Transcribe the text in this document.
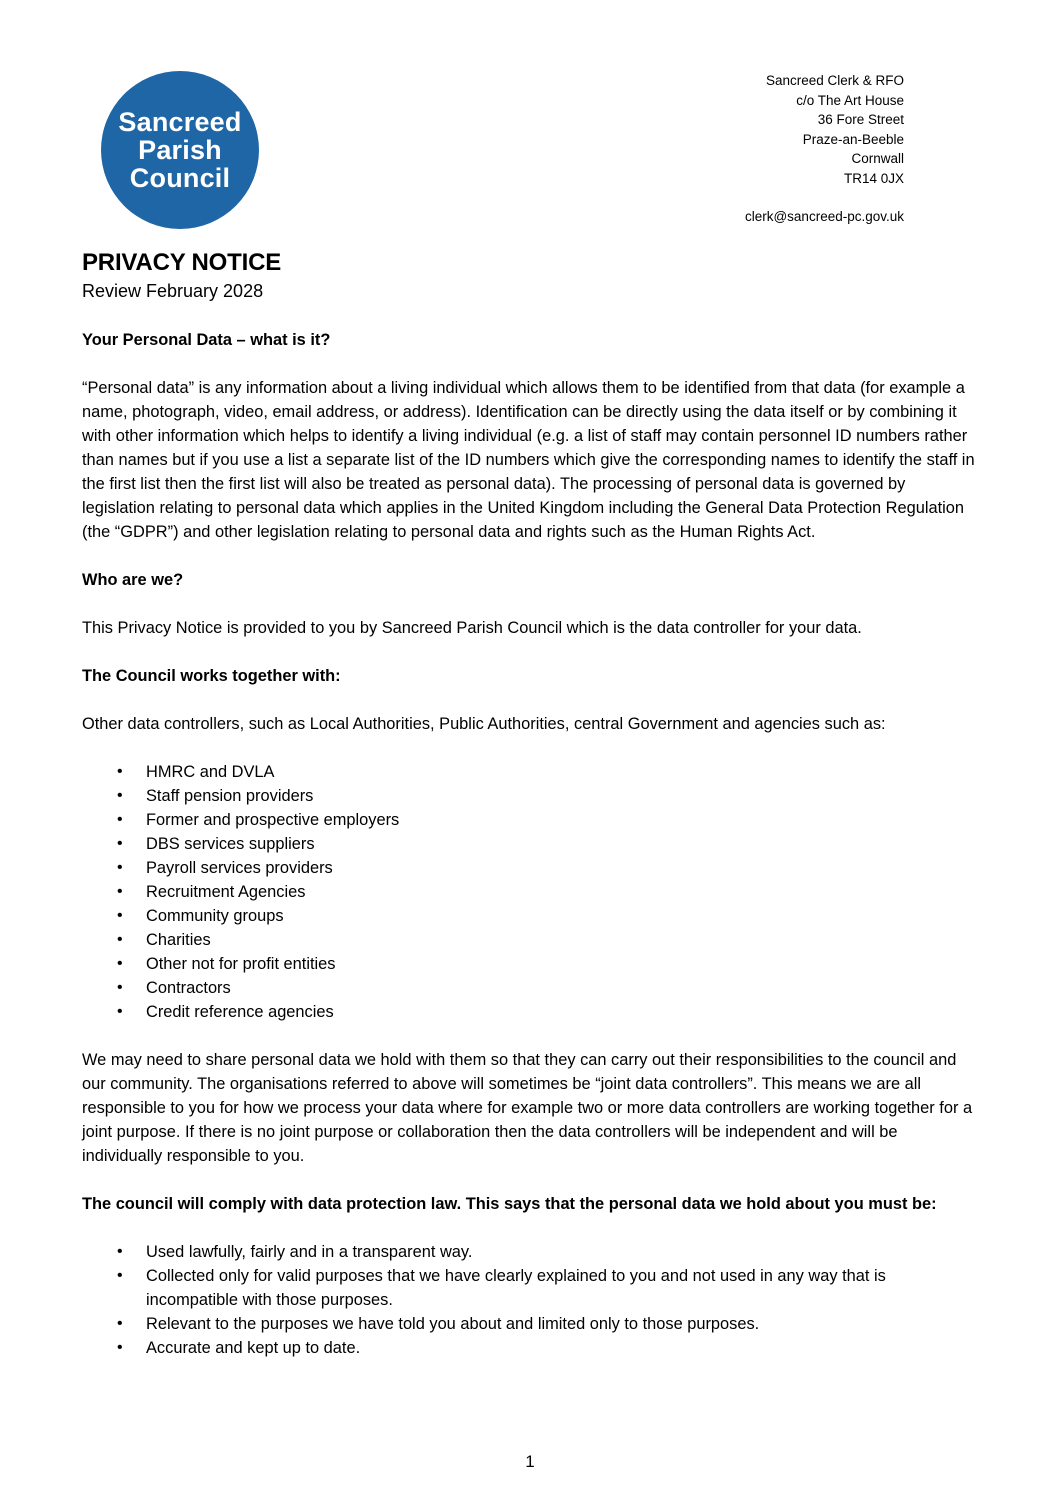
Sancreed
Parish
Council
Sancreed Clerk & RFO
c/o The Art House
36 Fore Street
Praze-an-Beeble
Cornwall
TR14 0JX
clerk@sancreed-pc.gov.uk
PRIVACY NOTICE
Review February 2028
Your Personal Data – what is it?

“Personal data” is any information about a living individual which allows them to be identified from that data (for example a name, photograph, video, email address, or address). Identification can be directly using the data itself or by combining it with other information which helps to identify a living individual (e.g. a list of staff may contain personnel ID numbers rather than names but if you use a list a separate list of the ID numbers which give the corresponding names to identify the staff in the first list then the first list will also be treated as personal data). The processing of personal data is governed by legislation relating to personal data which applies in the United Kingdom including the General Data Protection Regulation (the “GDPR”) and other legislation relating to personal data and rights such as the Human Rights Act.

Who are we?

This Privacy Notice is provided to you by Sancreed Parish Council which is the data controller for your data.

The Council works together with:

Other data controllers, such as Local Authorities, Public Authorities, central Government and agencies such as:

• HMRC and DVLA
• Staff pension providers
• Former and prospective employers
• DBS services suppliers
• Payroll services providers
• Recruitment Agencies
• Community groups
• Charities
• Other not for profit entities
• Contractors
• Credit reference agencies

We may need to share personal data we hold with them so that they can carry out their responsibilities to the council and our community. The organisations referred to above will sometimes be “joint data controllers”. This means we are all responsible to you for how we process your data where for example two or more data controllers are working together for a joint purpose. If there is no joint purpose or collaboration then the data controllers will be independent and will be individually responsible to you.

The council will comply with data protection law. This says that the personal data we hold about you must be:
• Used lawfully, fairly and in a transparent way.
• Collected only for valid purposes that we have clearly explained to you and not used in any way that is incompatible with those purposes.
• Relevant to the purposes we have told you about and limited only to those purposes.
• Accurate and kept up to date.
1
